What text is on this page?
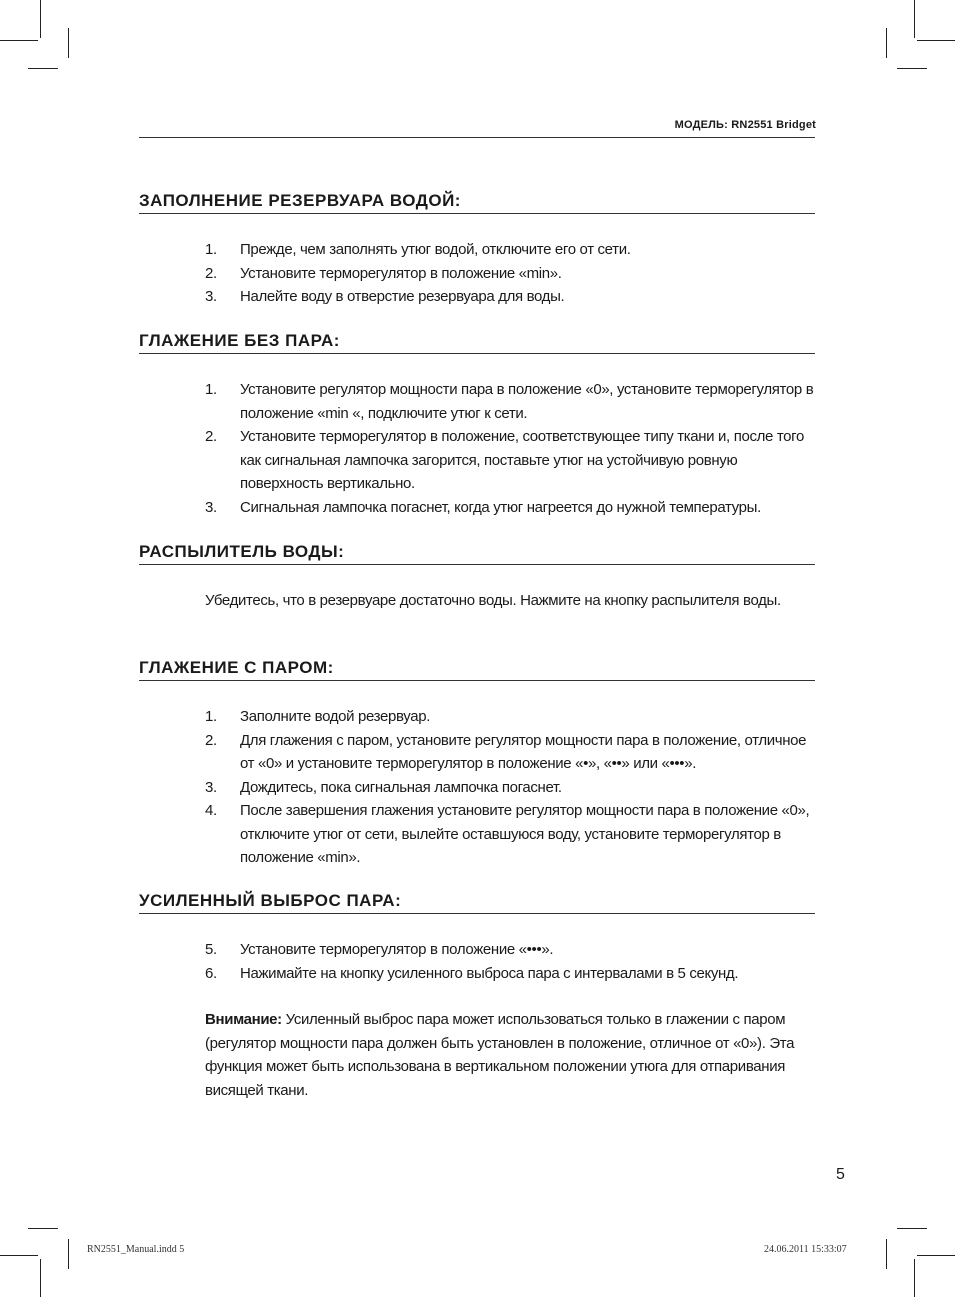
МОДЕЛЬ: RN2551 Bridget
ЗАПОЛНЕНИЕ РЕЗЕРВУАРА ВОДОЙ:
1. Прежде, чем заполнять утюг водой, отключите его от сети.
2. Установите терморегулятор в положение «min».
3. Налейте воду в отверстие резервуара для воды.
ГЛАЖЕНИЕ БЕЗ ПАРА:
1. Установите регулятор мощности пара в положение «0», установите терморегулятор в положение «min «, подключите утюг к сети.
2. Установите терморегулятор в положение, соответствующее типу ткани и, после того как сигнальная лампочка загорится, поставьте утюг на устойчивую ровную поверхность вертикально.
3. Сигнальная лампочка погаснет, когда утюг нагреется до нужной температуры.
РАСПЫЛИТЕЛЬ ВОДЫ:
Убедитесь, что в резервуаре достаточно воды. Нажмите на кнопку распылителя воды.
ГЛАЖЕНИЕ С ПАРОМ:
1. Заполните водой резервуар.
2. Для глажения с паром, установите регулятор мощности пара в положение, отличное от «0» и установите терморегулятор в положение «•», «••» или «•••».
3. Дождитесь, пока сигнальная лампочка погаснет.
4. После завершения глажения установите регулятор мощности пара в положение «0», отключите утюг от сети, вылейте оставшуюся воду, установите терморегулятор в положение «min».
УСИЛЕННЫЙ ВЫБРОС ПАРА:
5. Установите терморегулятор в положение «•••».
6. Нажимайте на кнопку усиленного выброса пара с интервалами в 5 секунд.
Внимание: Усиленный выброс пара может использоваться только в глажении с паром (регулятор мощности пара должен быть установлен в положение, отличное от «0»). Эта функция может быть использована в вертикальном положении утюга для отпаривания висящей ткани.
5
RN2551_Manual.indd 5	24.06.2011 15:33:07
